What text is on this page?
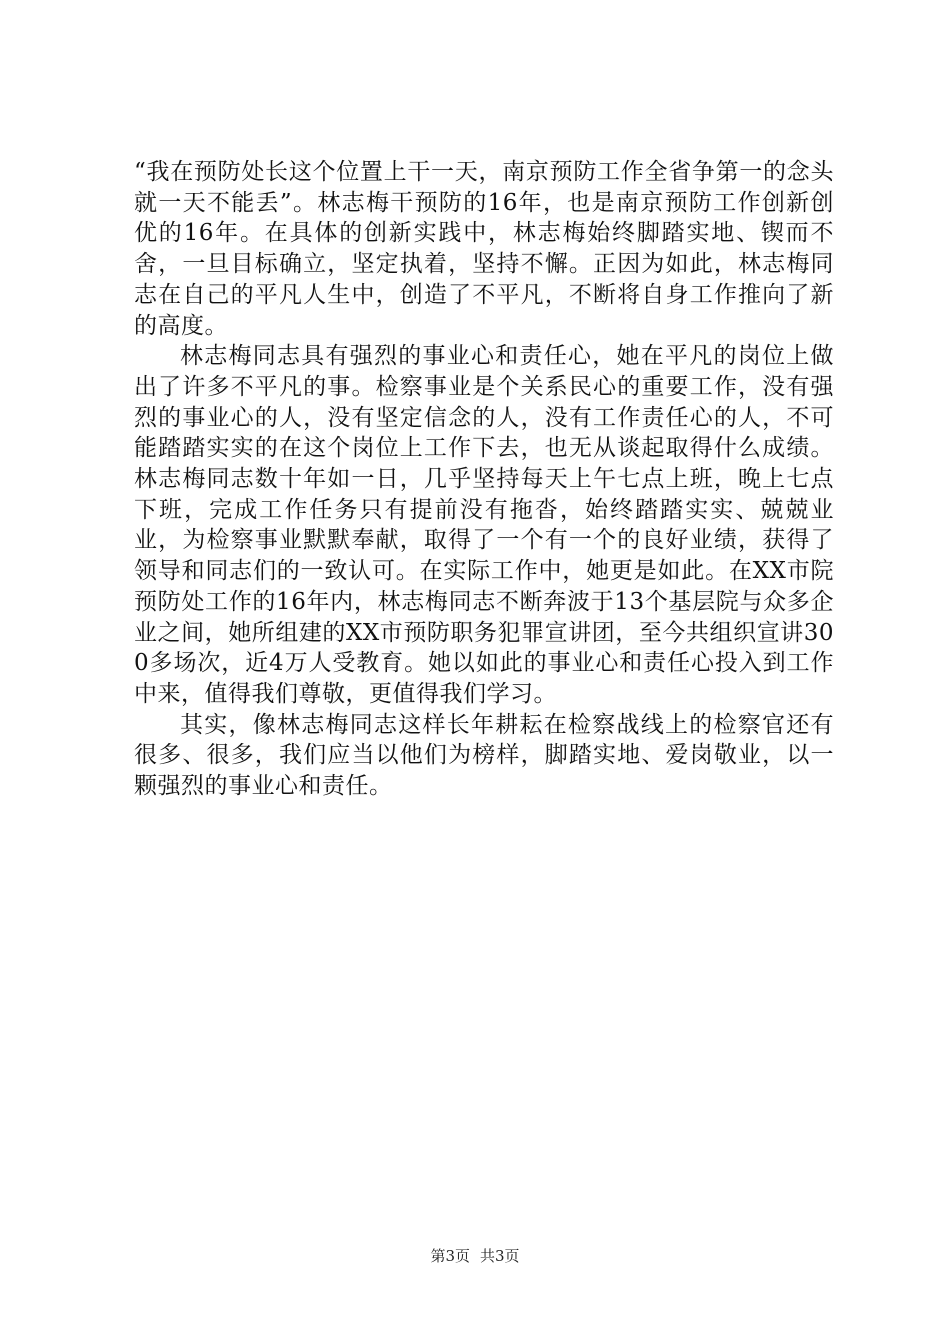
“我在预防处长这个位置上干一天，南京预防工作全省争第一的念头就一天不能丢”。林志梅干预防的16年，也是南京预防工作创新创优的16年。在具体的创新实践中，林志梅始终脚踏实地、锲而不舍，一旦目标确立，坚定执着，坚持不懈。正因为如此，林志梅同志在自己的平凡人生中，创造了不平凡，不断将自身工作推向了新的高度。

林志梅同志具有强烈的事业心和责任心，她在平凡的岗位上做出了许多不平凡的事。检察事业是个关系民心的重要工作，没有强烈的事业心的人，没有坚定信念的人，没有工作责任心的人，不可能踏踏实实的在这个岗位上工作下去，也无从谈起取得什么成绩。林志梅同志数十年如一日，几乎坚持每天上午七点上班，晚上七点下班，完成工作任务只有提前没有拖沓，始终踏踏实实、兢兢业业，为检察事业默默奉献，取得了一个有一个的良好业绩，获得了领导和同志们的一致认可。在实际工作中，她更是如此。在XX市院预防处工作的16年内，林志梅同志不断奔波于13个基层院与众多企业之间，她所组建的XX市预防职务犯罪宣讲团，至今共组织宣讲300多场次，近4万人受教育。她以如此的事业心和责任心投入到工作中来，值得我们尊敬，更值得我们学习。

其实，像林志梅同志这样长年耕耘在检察战线上的检察官还有很多、很多，我们应当以他们为榜样，脚踏实地、爱岗敬业，以一颗强烈的事业心和责任。

第3页 共3页
